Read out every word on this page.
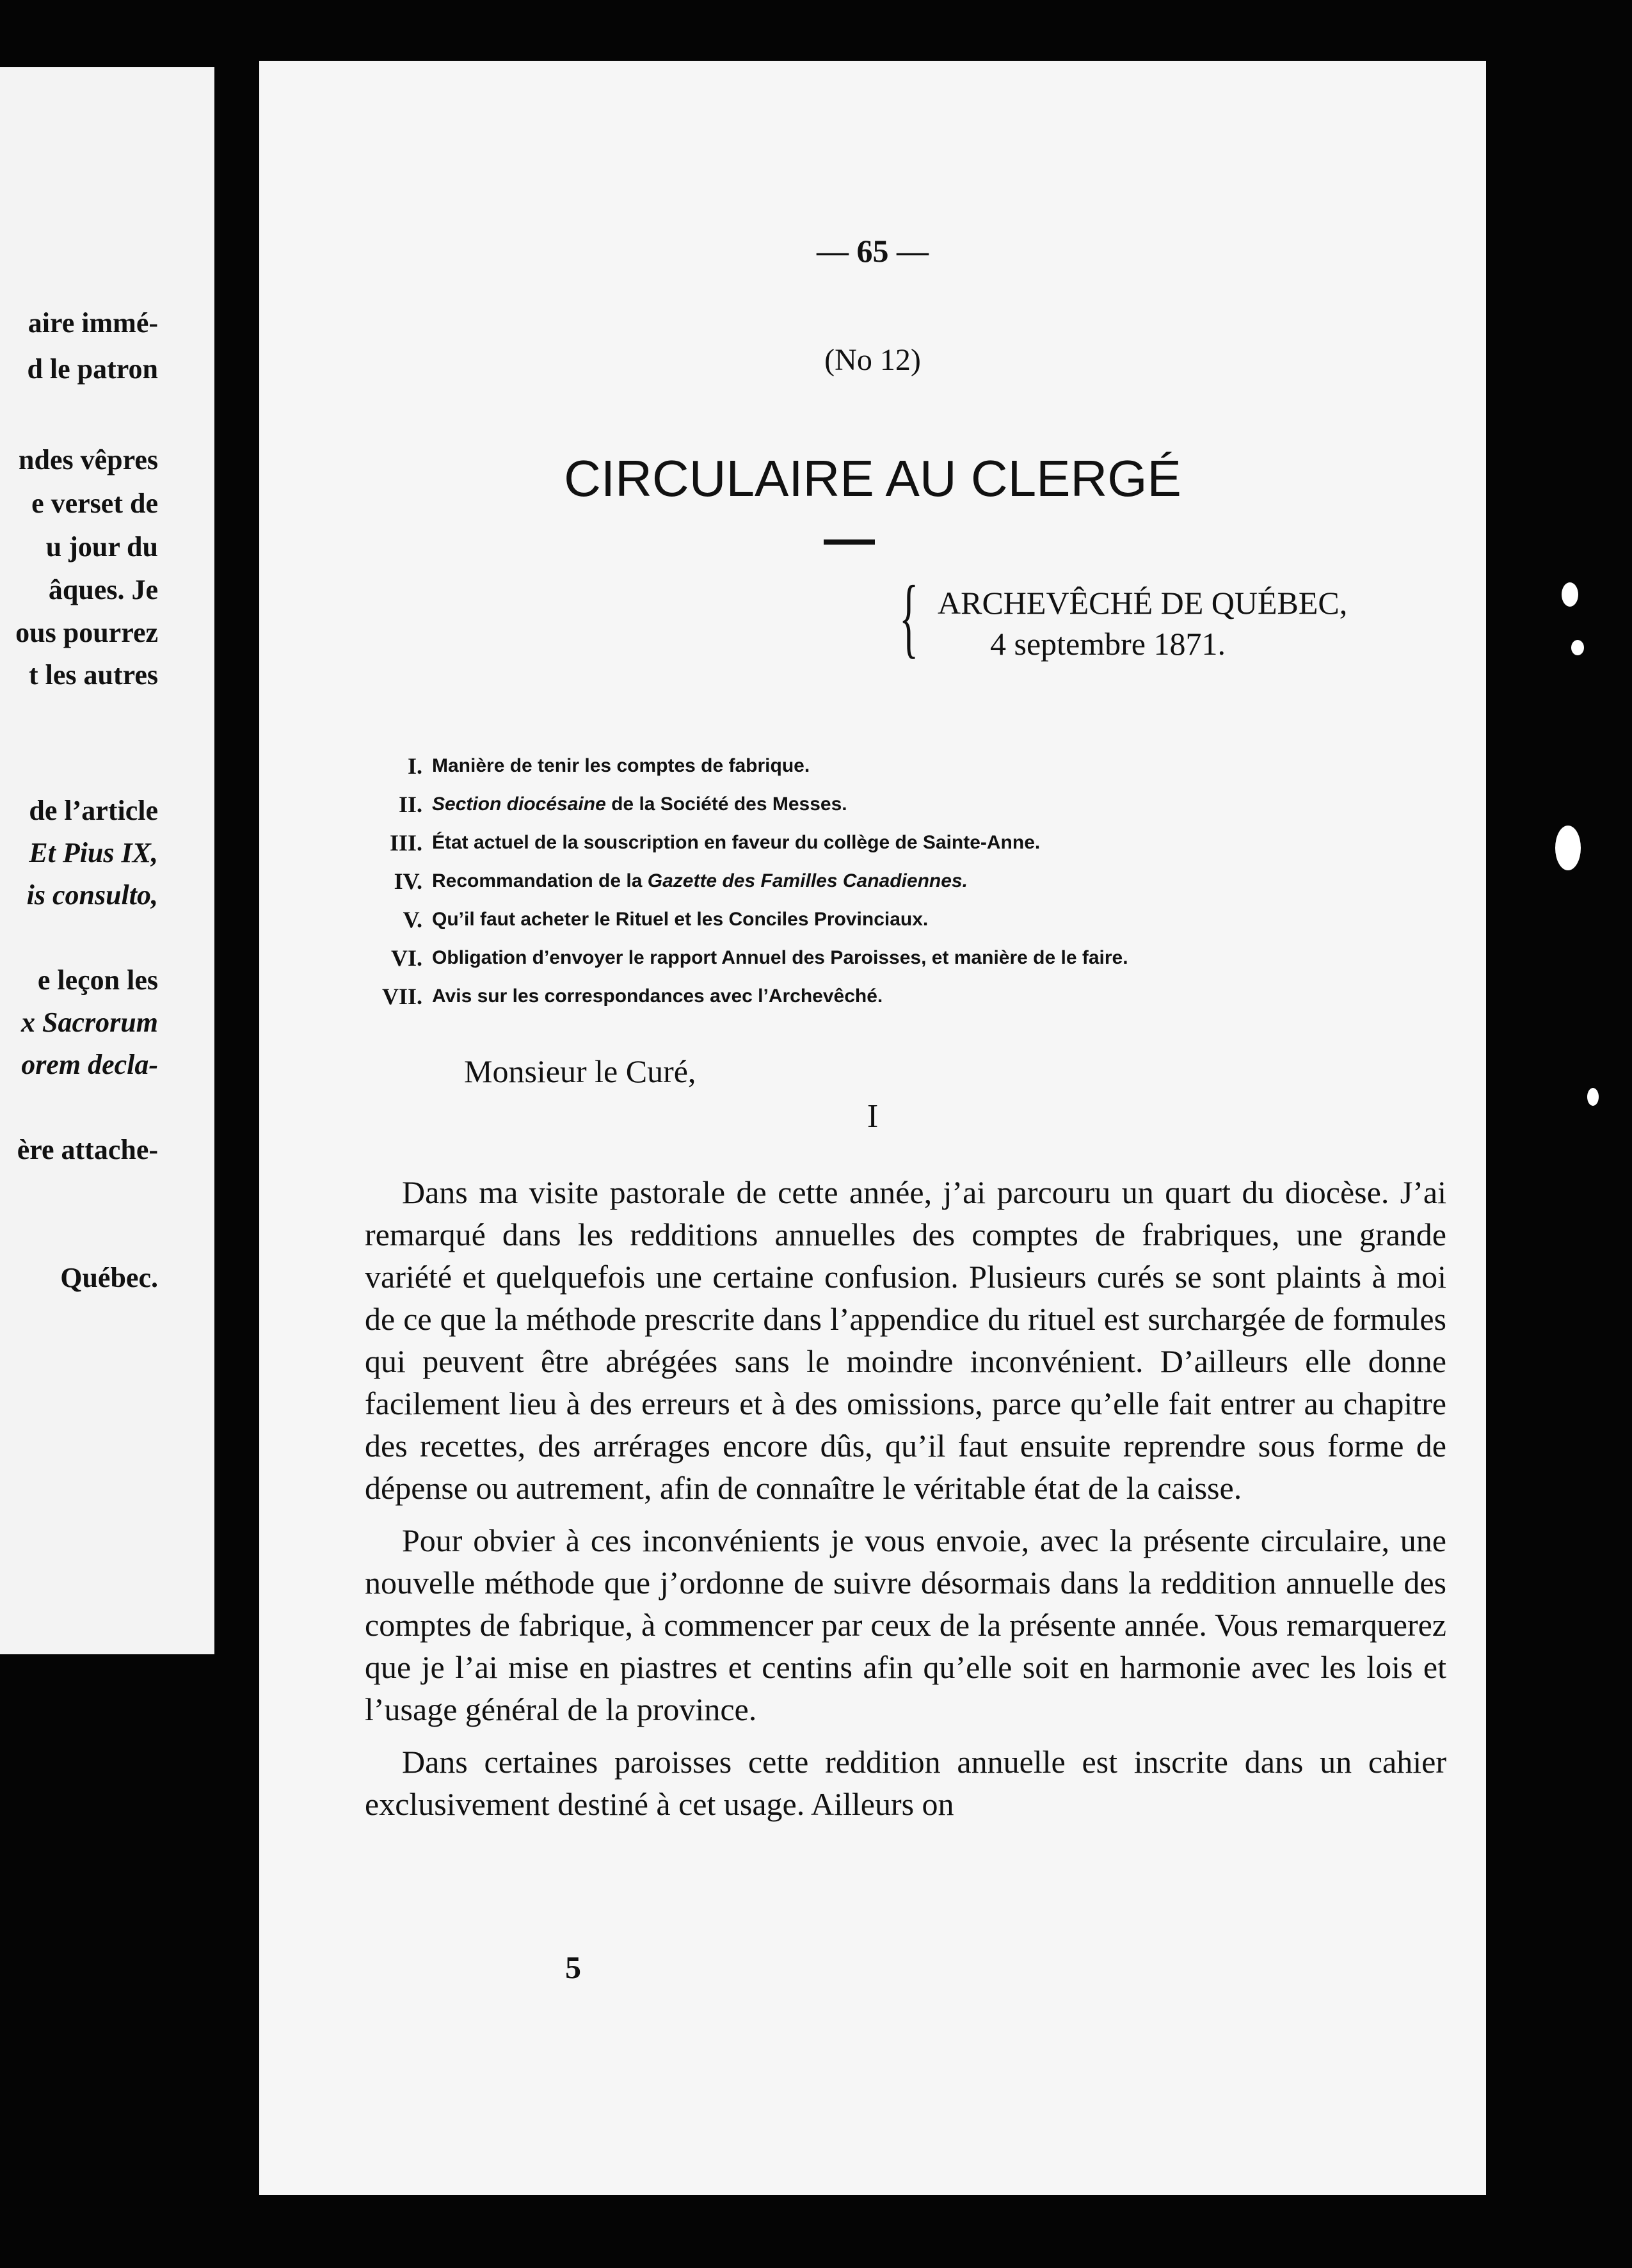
aire immé-
d le patron
ndes vêpres
e verset de
u jour du
âques. Je
ous pourrez
t les autres
de l’article
Et Pius IX,
is consulto,
e leçon les
x Sacrorum
orem decla-
ère attache-
Québec.
— 65 —
(No 12)
CIRCULAIRE AU CLERGÉ
{ ARCHEVÊCHÉ DE QUÉBEC,
4 septembre 1871.
I. Manière de tenir les comptes de fabrique.
II. Section diocésaine de la Société des Messes.
III. État actuel de la souscription en faveur du collège de Sainte-Anne.
IV. Recommandation de la Gazette des Familles Canadiennes.
V. Qu’il faut acheter le Rituel et les Conciles Provinciaux.
VI. Obligation d’envoyer le rapport Annuel des Paroisses, et manière de le faire.
VII. Avis sur les correspondances avec l’Archevêché.
Monsieur le Curé,
I

Dans ma visite pastorale de cette année, j’ai parcouru un quart du diocèse. J’ai remarqué dans les redditions annuelles des comptes de frabriques, une grande variété et quelquefois une certaine confusion. Plusieurs curés se sont plaints à moi de ce que la méthode prescrite dans l’appendice du rituel est surchargée de formules qui peuvent être abrégées sans le moindre inconvénient. D’ailleurs elle donne facilement lieu à des erreurs et à des omissions, parce qu’elle fait entrer au chapitre des recettes, des arrérages encore dûs, qu’il faut ensuite reprendre sous forme de dépense ou autrement, afin de connaître le véritable état de la caisse.

Pour obvier à ces inconvénients je vous envoie, avec la présente circulaire, une nouvelle méthode que j’ordonne de suivre désormais dans la reddition annuelle des comptes de fabrique, à commencer par ceux de la présente année. Vous remarquerez que je l’ai mise en piastres et centins afin qu’elle soit en harmonie avec les lois et l’usage général de la province.

Dans certaines paroisses cette reddition annuelle est inscrite dans un cahier exclusivement destiné à cet usage. Ailleurs on

5
